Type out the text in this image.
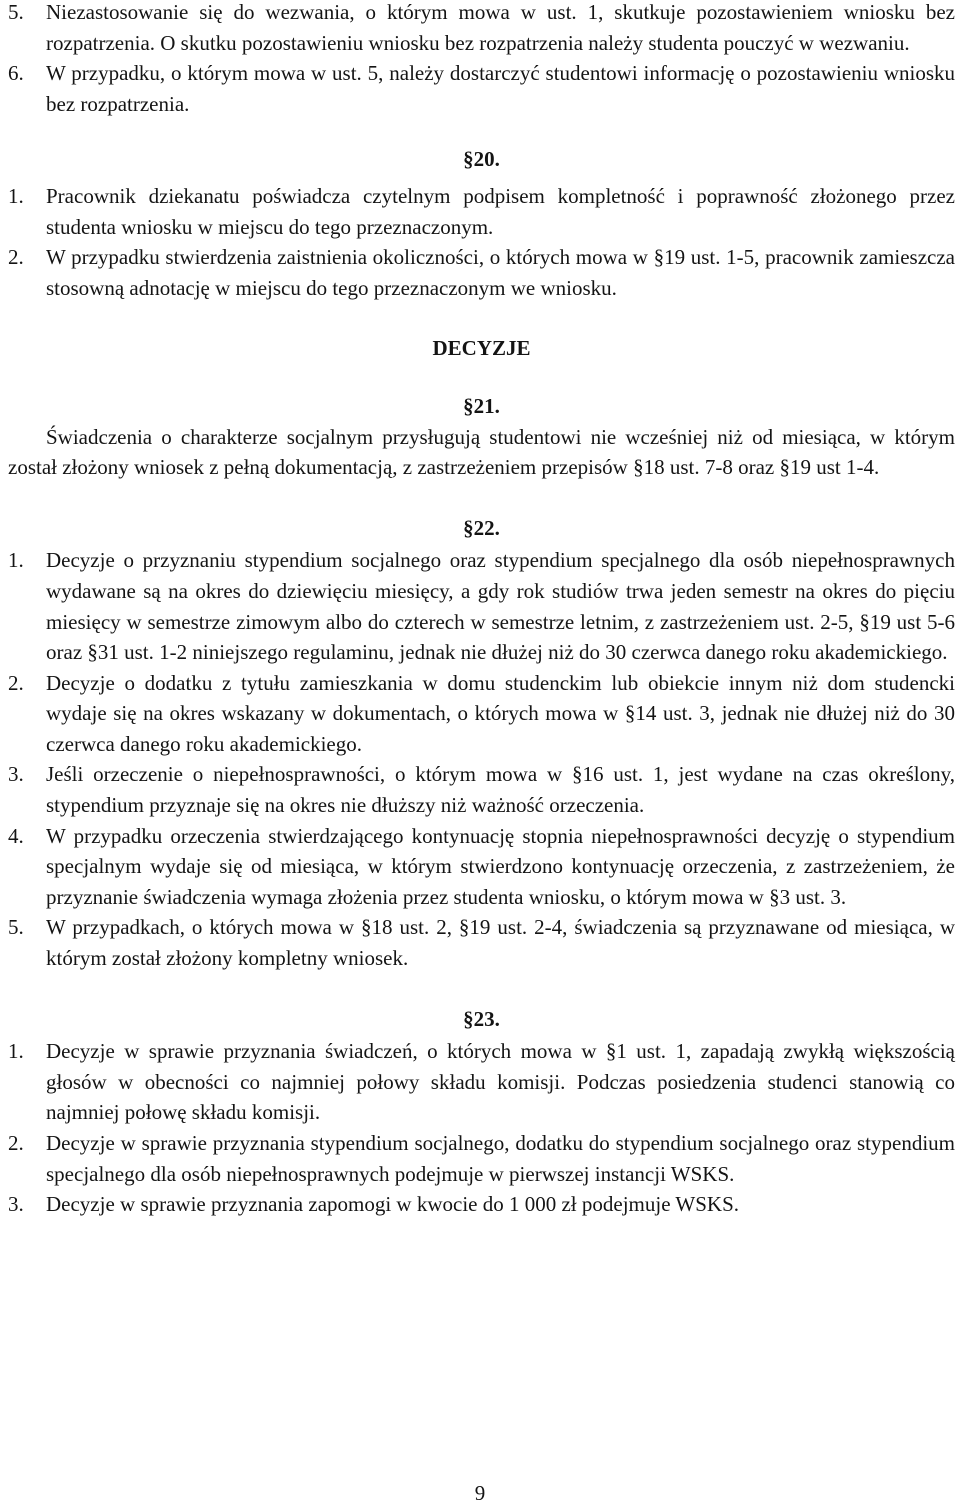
5.	Niezastosowanie się do wezwania, o którym mowa w ust. 1, skutkuje pozostawieniem wniosku bez rozpatrzenia. O skutku pozostawieniu wniosku bez rozpatrzenia należy studenta pouczyć w wezwaniu.
6.	W przypadku, o którym mowa w ust. 5, należy dostarczyć studentowi informację o pozostawieniu wniosku bez rozpatrzenia.

§20.

1.	Pracownik dziekanatu poświadcza czytelnym podpisem kompletność i poprawność złożonego przez studenta wniosku w miejscu do tego przeznaczonym.
2.	W przypadku stwierdzenia zaistnienia okoliczności, o których mowa w §19 ust. 1-5, pracownik zamieszcza stosowną adnotację w miejscu do tego przeznaczonym we wniosku.

DECYZJE

§21.

Świadczenia o charakterze socjalnym przysługują studentowi nie wcześniej niż od miesiąca, w którym został złożony wniosek z pełną dokumentacją, z zastrzeżeniem przepisów §18 ust. 7-8 oraz §19 ust 1-4.

§22.

1.	Decyzje o przyznaniu stypendium socjalnego oraz stypendium specjalnego dla osób niepełnosprawnych wydawane są na okres do dziewięciu miesięcy, a gdy rok studiów trwa jeden semestr na okres do pięciu miesięcy w semestrze zimowym albo do czterech w semestrze letnim, z zastrzeżeniem ust. 2-5, §19 ust 5-6 oraz §31 ust. 1-2 niniejszego regulaminu, jednak nie dłużej niż do 30 czerwca danego roku akademickiego.
2.	Decyzje o dodatku z tytułu zamieszkania w domu studenckim lub obiekcie innym niż dom studencki wydaje się na okres wskazany w dokumentach, o których mowa w §14 ust. 3, jednak nie dłużej niż do 30 czerwca danego roku akademickiego.
3.	Jeśli orzeczenie o niepełnosprawności, o którym mowa w §16 ust. 1, jest wydane na czas określony, stypendium przyznaje się na okres nie dłuższy niż ważność orzeczenia.
4.	W przypadku orzeczenia stwierdzającego kontynuację stopnia niepełnosprawności decyzję o stypendium specjalnym wydaje się od miesiąca, w którym stwierdzono kontynuację orzeczenia, z zastrzeżeniem, że przyznanie świadczenia wymaga złożenia przez studenta wniosku, o którym mowa w §3 ust. 3.
5.	W przypadkach, o których mowa w §18 ust. 2, §19 ust. 2-4, świadczenia są przyznawane od miesiąca, w którym został złożony kompletny wniosek.

§23.

1.	Decyzje w sprawie przyznania świadczeń, o których mowa w §1 ust. 1, zapadają zwykłą większością głosów w obecności co najmniej połowy składu komisji. Podczas posiedzenia studenci stanowią co najmniej połowę składu komisji.
2.	Decyzje w sprawie przyznania stypendium socjalnego, dodatku do stypendium socjalnego oraz stypendium specjalnego dla osób niepełnosprawnych podejmuje w pierwszej instancji WSKS.
3.	Decyzje w sprawie przyznania zapomogi w kwocie do 1 000 zł podejmuje WSKS.
9
